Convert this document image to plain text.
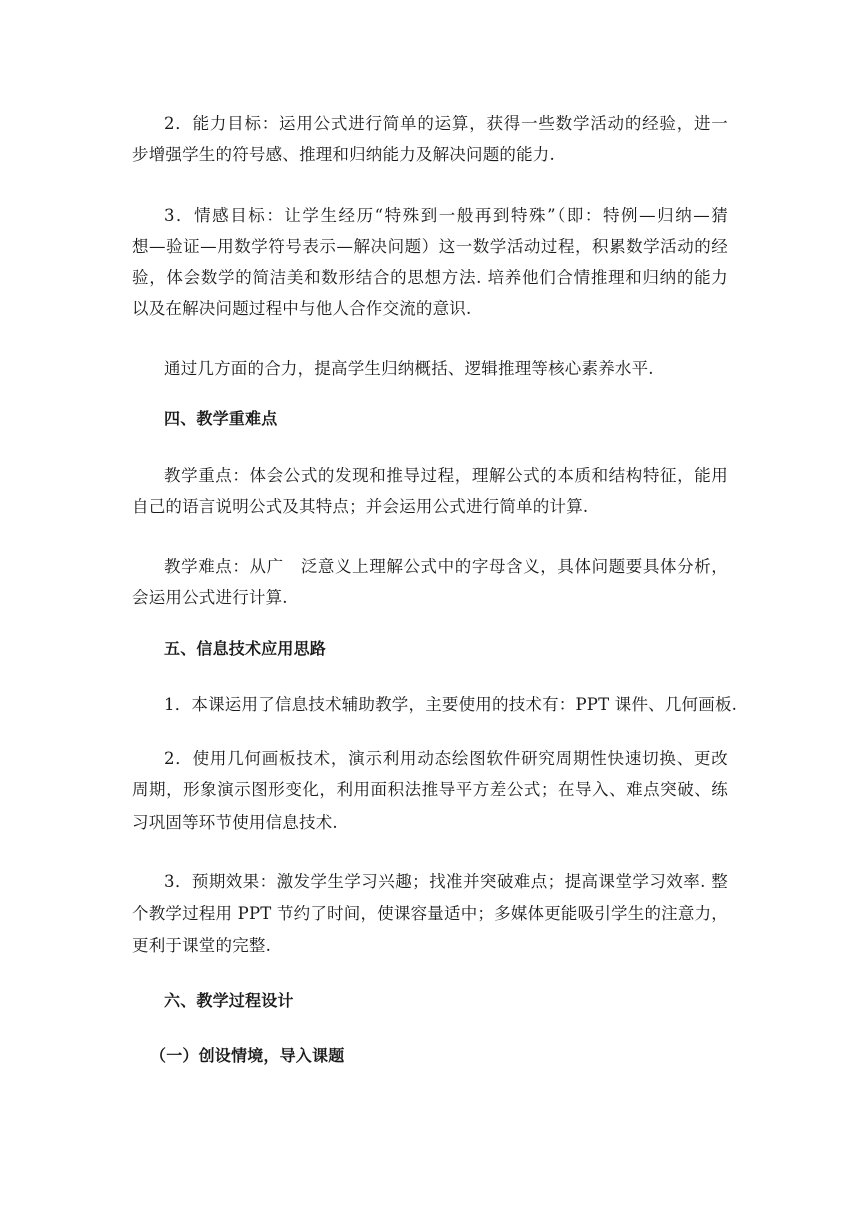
2．能力目标：运用公式进行简单的运算，获得一些数学活动的经验，进一
步增强学生的符号感、推理和归纳能力及解决问题的能力.
3．情感目标：让学生经历“特殊到一般再到特殊”（即：特例—归纳—猜
想—验证—用数学符号表示—解决问题）这一数学活动过程，积累数学活动的经
验，体会数学的简洁美和数形结合的思想方法. 培养他们合情推理和归纳的能力
以及在解决问题过程中与他人合作交流的意识.
通过几方面的合力，提高学生归纳概括、逻辑推理等核心素养水平.
四、教学重难点
教学重点：体会公式的发现和推导过程，理解公式的本质和结构特征，能用
自己的语言说明公式及其特点；并会运用公式进行简单的计算.
教学难点：从广　泛意义上理解公式中的字母含义，具体问题要具体分析，
会运用公式进行计算.
五、信息技术应用思路
1．本课运用了信息技术辅助教学，主要使用的技术有：PPT 课件、几何画板.
2．使用几何画板技术，演示利用动态绘图软件研究周期性快速切换、更改
周期，形象演示图形变化，利用面积法推导平方差公式；在导入、难点突破、练
习巩固等环节使用信息技术.
3．预期效果：激发学生学习兴趣；找准并突破难点；提高课堂学习效率. 整
个教学过程用 PPT 节约了时间，使课容量适中；多媒体更能吸引学生的注意力，
更利于课堂的完整.
六、教学过程设计
（一）创设情境，导入课题
